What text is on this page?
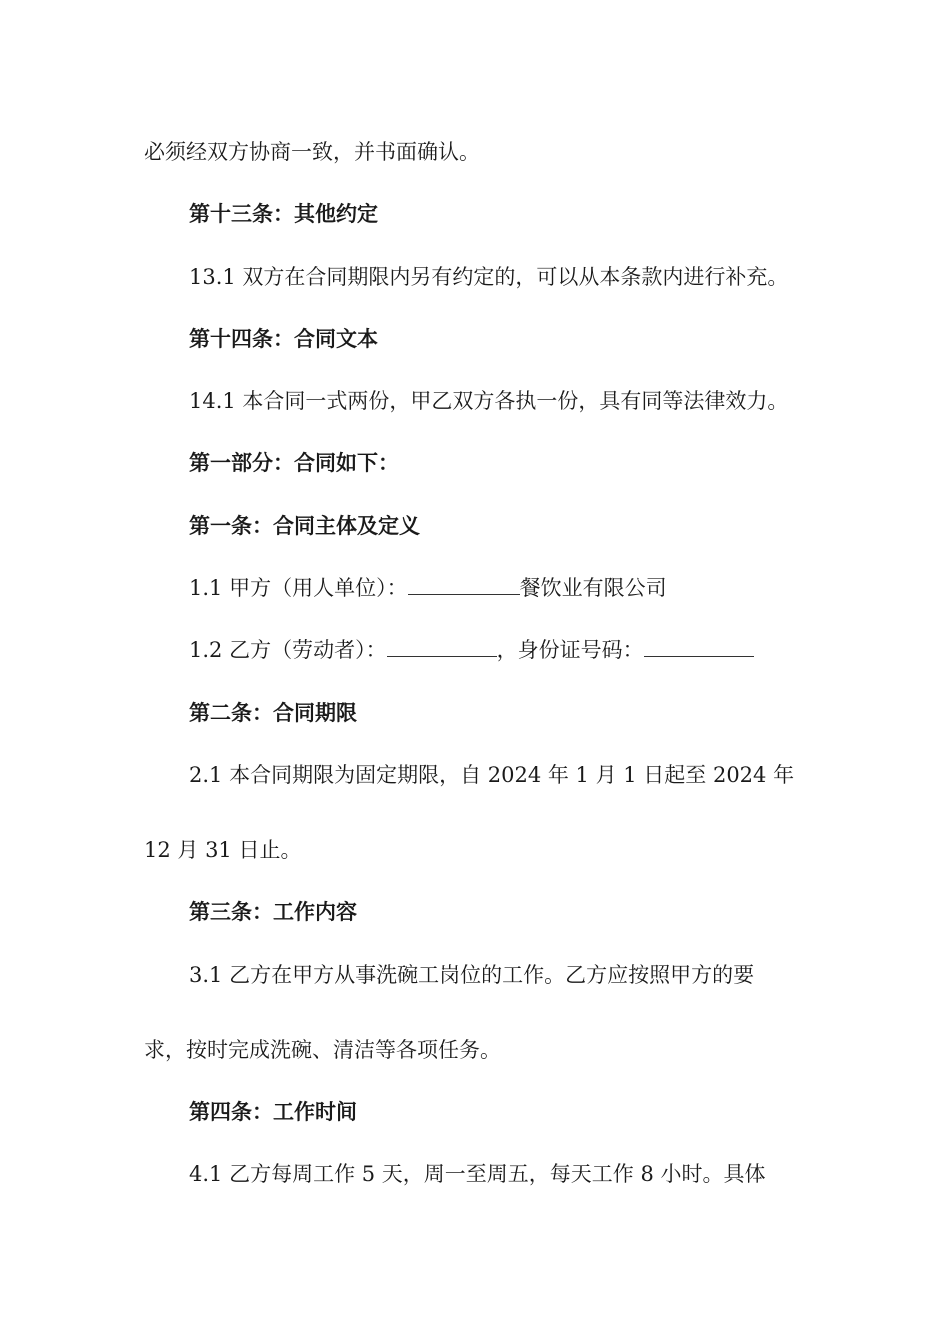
必须经双方协商一致，并书面确认。
第十三条：其他约定
13.1 双方在合同期限内另有约定的，可以从本条款内进行补充。
第十四条：合同文本
14.1 本合同一式两份，甲乙双方各执一份，具有同等法律效力。
第一部分：合同如下：
第一条：合同主体及定义
1.1 甲方（用人单位）：	餐饮业有限公司
1.2 乙方（劳动者）：	，身份证号码：
第二条：合同期限
2.1 本合同期限为固定期限，自 2024 年 1 月 1 日起至 2024 年
12 月 31 日止。
第三条：工作内容
3.1 乙方在甲方从事洗碗工岗位的工作。乙方应按照甲方的要
求，按时完成洗碗、清洁等各项任务。
第四条：工作时间
4.1 乙方每周工作 5 天，周一至周五，每天工作 8 小时。具体
